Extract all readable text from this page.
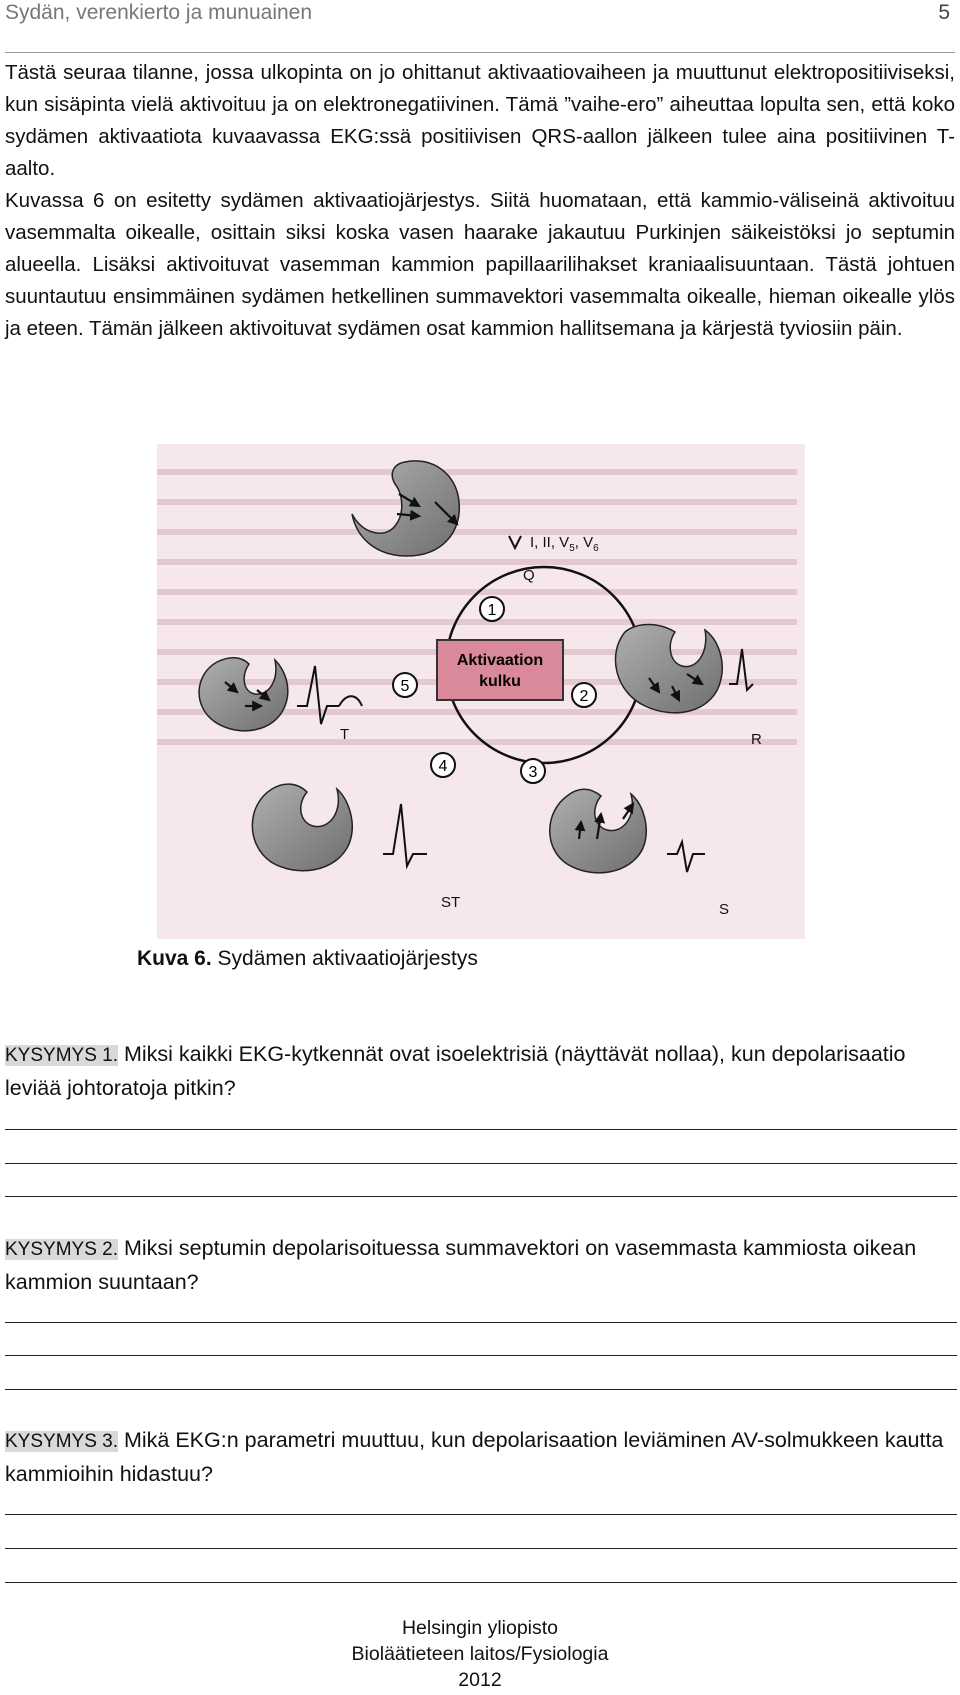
Sydän, verenkierto ja munuainen	5

Tästä seuraa tilanne, jossa ulkopinta on jo ohittanut aktivaatiovaiheen ja muuttunut elektropositiiviseksi, kun sisäpinta vielä aktivoituu ja on elektronegatiivinen. Tämä ”vaihe-ero” aiheuttaa lopulta sen, että koko sydämen aktivaatiota kuvaavassa EKG:ssä positiivisen QRS-aallon jälkeen tulee aina positiivinen T-aalto.

Kuvassa 6 on esitetty sydämen aktivaatiojärjestys. Siitä huomataan, että kammio-väliseinä aktivoituu vasemmalta oikealle, osittain siksi koska vasen haarake jakautuu Purkinjen säikeistöksi jo septumin alueella. Lisäksi aktivoituvat vasemman kammion papillaarilihakset kraniaalisuuntaan. Tästä johtuen suuntautuu ensimmäinen sydämen hetkellinen summavektori vasemmalta oikealle, hieman oikealle ylös ja eteen. Tämän jälkeen aktivoituvat sydämen osat kammion hallitsemana ja kärjestä tyviosiin päin.

Aktivaation
kulku
1
2
3
4
5
I, II, $V_5$, $V_6$
Q
T	R
S
ST
Kuva 6. Sydämen aktivaatiojärjestys
KYSYMYS 1. Miksi kaikki EKG-kytkennät ovat isoelektrisiä (näyttävät nollaa), kun depolarisaatio leviää johtoratoja pitkin?
KYSYMYS 2. Miksi septumin depolarisoituessa summavektori on vasemmasta kammiosta oikean kammion suuntaan?
KYSYMYS 3. Mikä EKG:n parametri muuttuu, kun depolarisaation leviäminen AV-solmukkeen kautta kammioihin hidastuu?
Helsingin yliopisto
Bioläätieteen laitos/Fysiologia
2012
